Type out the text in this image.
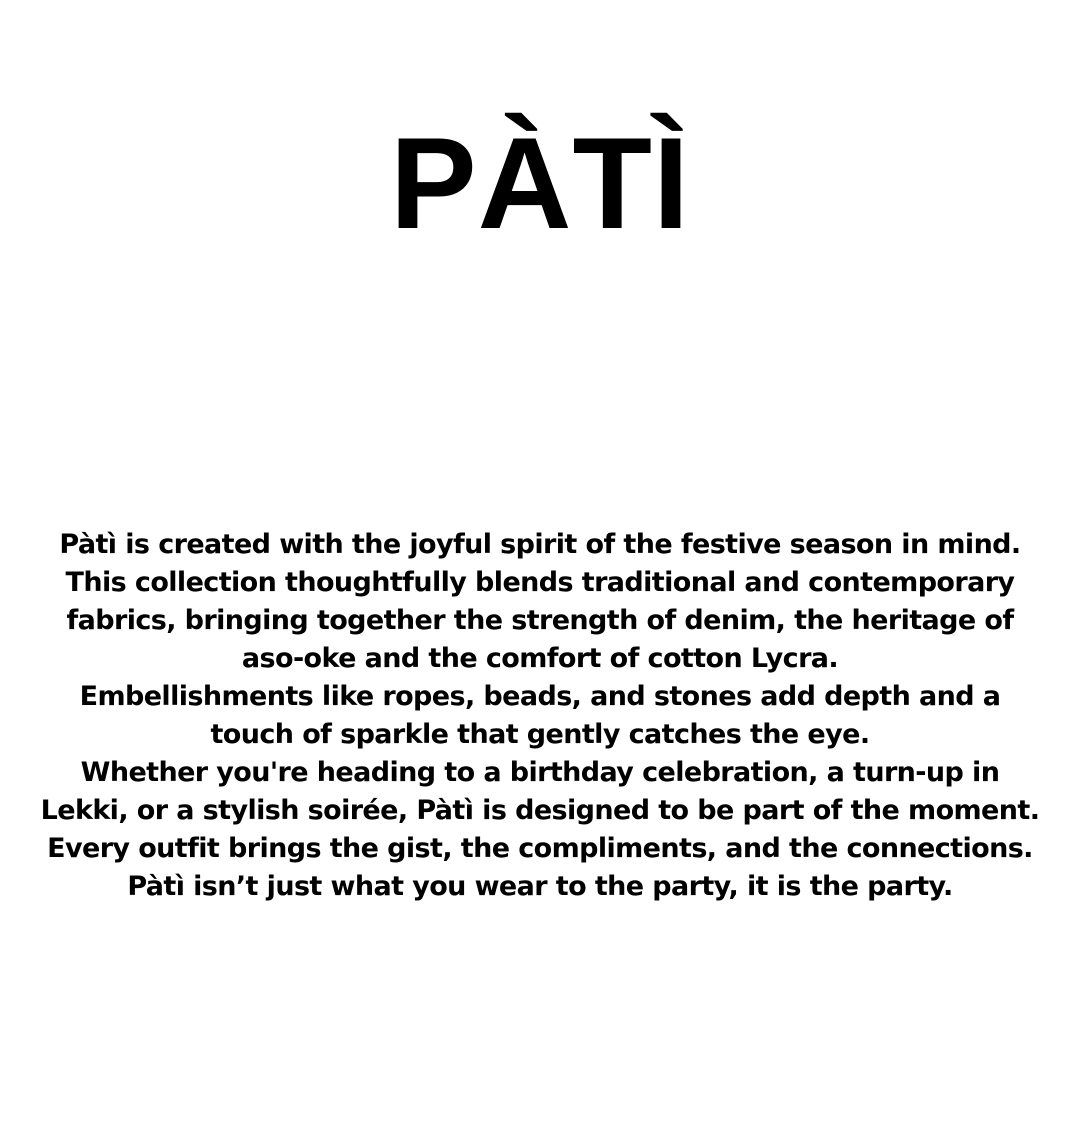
PÀTÌ

Pàtì is created with the joyful spirit of the festive season in mind. This collection thoughtfully blends traditional and contemporary fabrics, bringing together the strength of denim, the heritage of aso-oke and the comfort of cotton Lycra.

Embellishments like ropes, beads, and stones add depth and a touch of sparkle that gently catches the eye.

Whether you're heading to a birthday celebration, a turn-up in Lekki, or a stylish soirée, Pàtì is designed to be part of the moment. Every outfit brings the gist, the compliments, and the connections.

Pàtì isn’t just what you wear to the party, it is the party.
